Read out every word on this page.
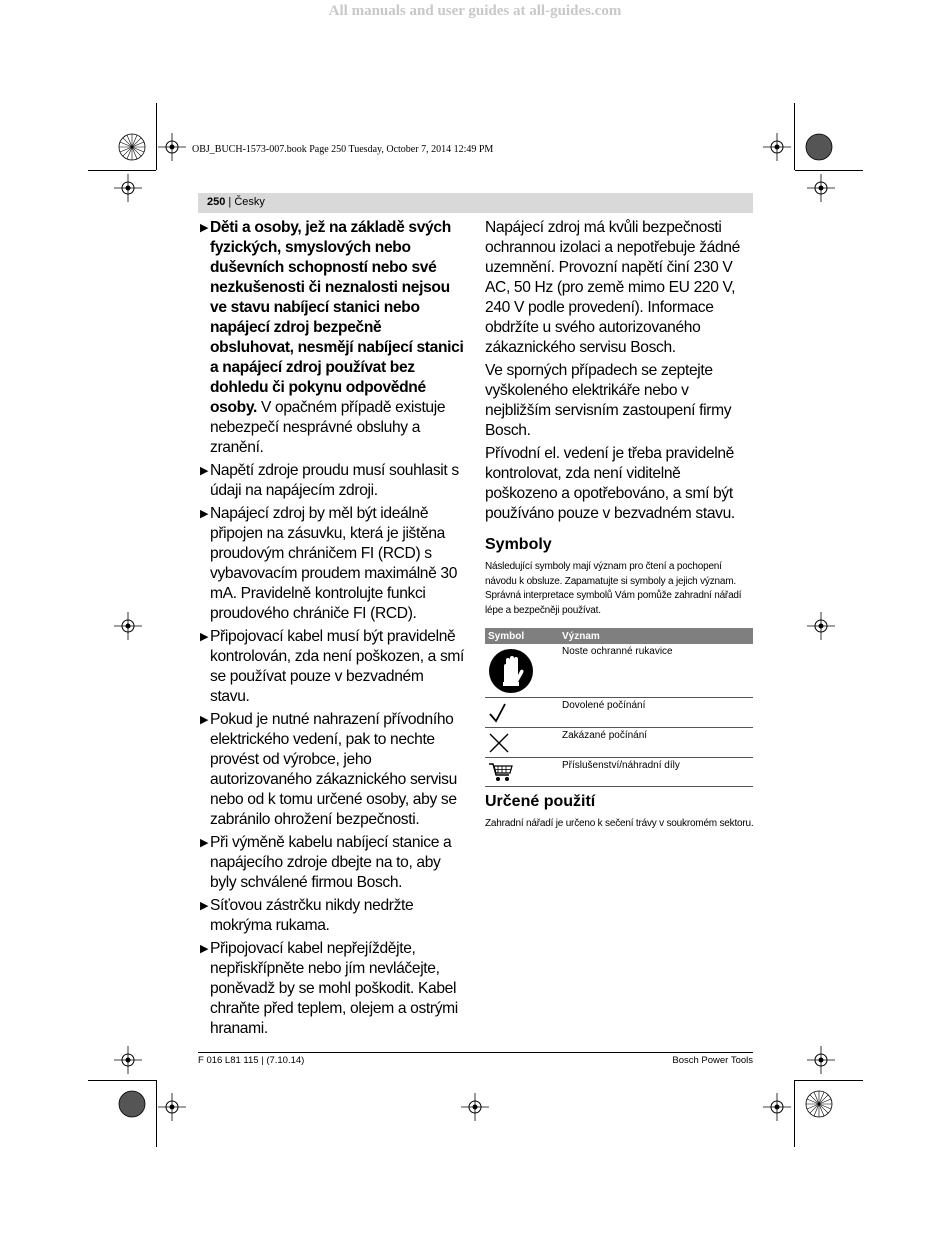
All manuals and user guides at all-guides.com
OBJ_BUCH-1573-007.book Page 250 Tuesday, October 7, 2014 12:49 PM
250 | Česky
▶ Děti a osoby, jež na základě svých fyzických, smyslových nebo duševních schopností nebo své nezkušenosti či neznalosti nejsou ve stavu nabíjecí stanici nebo napájecí zdroj bezpečně obsluhovat, nesmějí nabíjecí stanici a napájecí zdroj používat bez dohledu či pokynu odpovědné osoby. V opačném případě existuje nebezpečí nesprávné obsluhy a zranění.
▶ Napětí zdroje proudu musí souhlasit s údaji na napájecím zdroji.
▶ Napájecí zdroj by měl být ideálně připojen na zásuvku, která je jištěna proudovým chráničem FI (RCD) s vybavovacím proudem maximálně 30 mA. Pravidelně kontrolujte funkci proudového chrániče FI (RCD).
▶ Připojovací kabel musí být pravidelně kontrolován, zda není poškozen, a smí se používat pouze v bezvadném stavu.
▶ Pokud je nutné nahrazení přívodního elektrického vedení, pak to nechte provést od výrobce, jeho autorizovaného zákaznického servisu nebo od k tomu určené osoby, aby se zabránilo ohrožení bezpečnosti.
▶ Při výměně kabelu nabíjecí stanice a napájecího zdroje dbejte na to, aby byly schválené firmou Bosch.
▶ Síťovou zástrčku nikdy nedržte mokrýma rukama.
▶ Připojovací kabel nepřejíždějte, nepřiskřípněte nebo jím nevláčejte, poněvadž by se mohl poškodit. Kabel chraňte před teplem, olejem a ostrými hranami.
Napájecí zdroj má kvůli bezpečnosti ochrannou izolaci a nepotřebuje žádné uzemnění. Provozní napětí činí 230 V AC, 50 Hz (pro země mimo EU 220 V, 240 V podle provedení). Informace obdržíte u svého autorizovaného zákaznického servisu Bosch.
Ve sporných případech se zeptejte vyškoleného elektrikáře nebo v nejbližším servisním zastoupení firmy Bosch.
Přívodní el. vedení je třeba pravidelně kontrolovat, zda není viditelně poškozeno a opotřebováno, a smí být používáno pouze v bezvadném stavu.
Symboly
Následující symboly mají význam pro čtení a pochopení návodu k obsluze. Zapamatujte si symboly a jejich význam. Správná interpretace symbolů Vám pomůže zahradní nářadí lépe a bezpečněji používat.
Symbol	Význam
	Noste ochranné rukavice
	Dovolené počínání
	Zakázané počínání
	Příslušenství/náhradní díly
Určené použití
Zahradní nářadí je určeno k sečení trávy v soukromém sektoru.
F 016 L81 115 | (7.10.14)	Bosch Power Tools
